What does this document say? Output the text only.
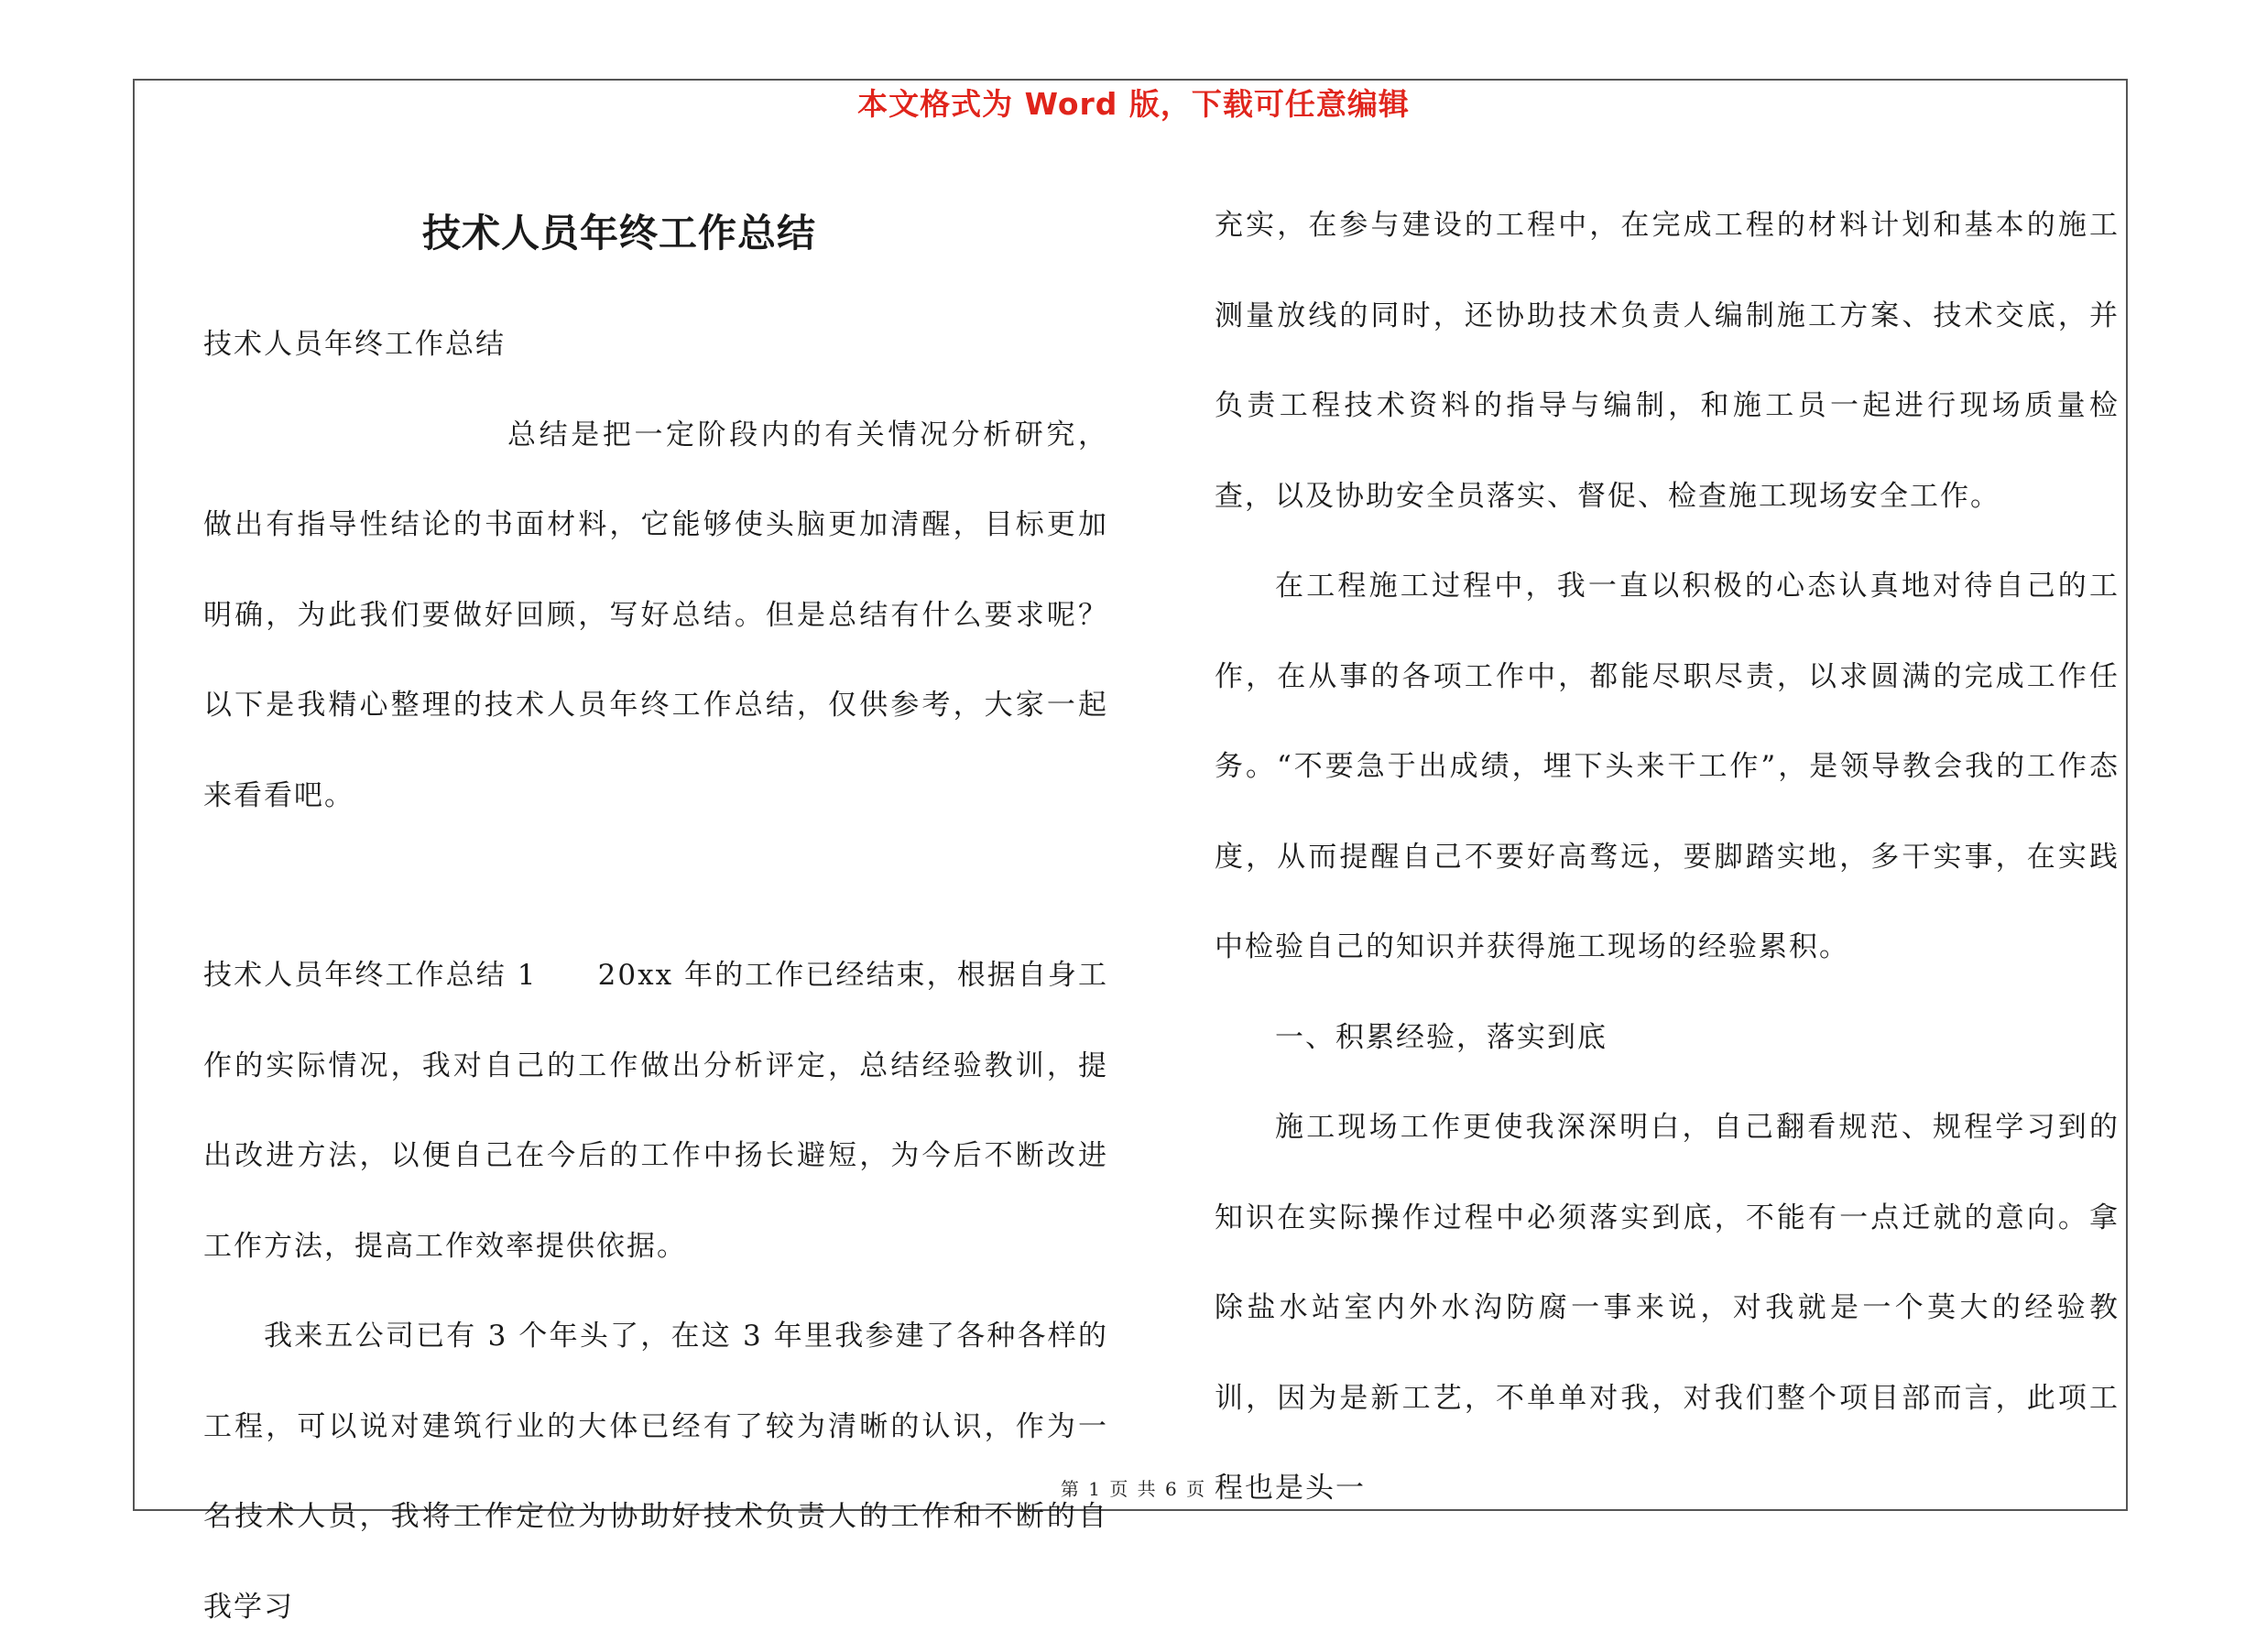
本文格式为 Word 版，下载可任意编辑
技术人员年终工作总结

技术人员年终工作总结

总结是把一定阶段内的有关情况分析研究，做出有指导性结论的书面材料，它能够使头脑更加清醒，目标更加明确，为此我们要做好回顾，写好总结。但是总结有什么要求呢？以下是我精心整理的技术人员年终工作总结，仅供参考，大家一起来看看吧。

技术人员年终工作总结 1　　20xx 年的工作已经结束，根据自身工作的实际情况，我对自己的工作做出分析评定，总结经验教训，提出改进方法，以便自己在今后的工作中扬长避短，为今后不断改进工作方法，提高工作效率提供依据。

我来五公司已有 3 个年头了，在这 3 年里我参建了各种各样的工程，可以说对建筑行业的大体已经有了较为清晰的认识，作为一名技术人员，我将工作定位为协助好技术负责人的工作和不断的自我学习

充实，在参与建设的工程中，在完成工程的材料计划和基本的施工测量放线的同时，还协助技术负责人编制施工方案、技术交底，并负责工程技术资料的指导与编制，和施工员一起进行现场质量检查，以及协助安全员落实、督促、检查施工现场安全工作。

在工程施工过程中，我一直以积极的心态认真地对待自己的工作，在从事的各项工作中，都能尽职尽责，以求圆满的完成工作任务。“不要急于出成绩，埋下头来干工作”，是领导教会我的工作态度，从而提醒自己不要好高骛远，要脚踏实地，多干实事，在实践中检验自己的知识并获得施工现场的经验累积。

一、积累经验，落实到底

施工现场工作更使我深深明白，自己翻看规范、规程学习到的知识在实际操作过程中必须落实到底，不能有一点迁就的意向。拿除盐水站室内外水沟防腐一事来说，对我就是一个莫大的经验教训，因为是新工艺，不单单对我，对我们整个项目部而言，此项工程也是头一

第 1 页 共 6 页
